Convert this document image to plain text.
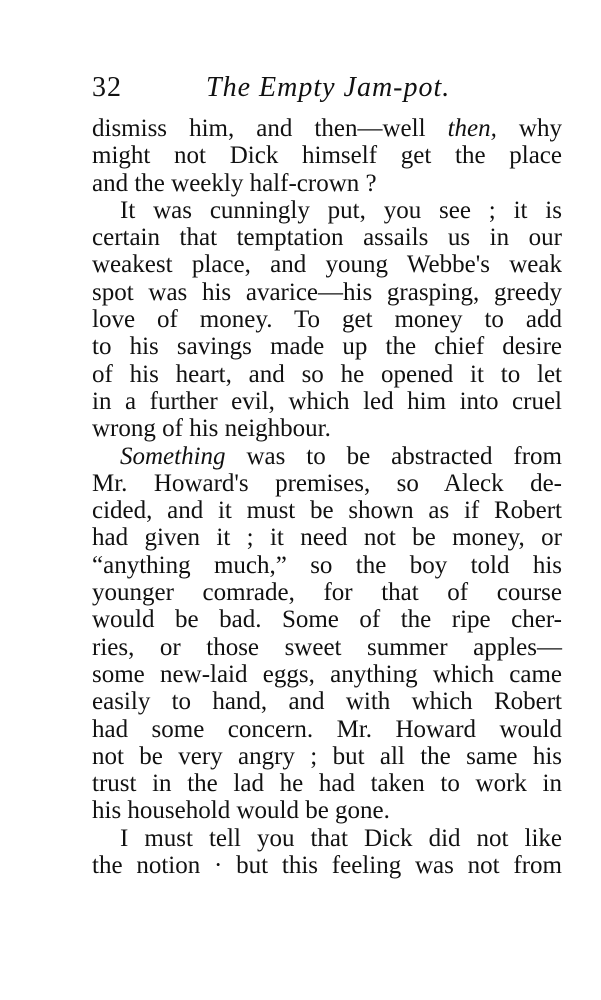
32	The Empty Jam-pot.
dismiss him, and then—well then, why
might not Dick himself get the place
and the weekly half-crown ?
It was cunningly put, you see ; it is
certain that temptation assails us in our
weakest place, and young Webbe's weak
spot was his avarice—his grasping, greedy
love of money. To get money to add
to his savings made up the chief desire
of his heart, and so he opened it to let
in a further evil, which led him into cruel
wrong of his neighbour.
Something was to be abstracted from
Mr. Howard's premises, so Aleck de-
cided, and it must be shown as if Robert
had given it ; it need not be money, or
“anything much,” so the boy told his
younger comrade, for that of course
would be bad. Some of the ripe cher-
ries, or those sweet summer apples—
some new-laid eggs, anything which came
easily to hand, and with which Robert
had some concern. Mr. Howard would
not be very angry ; but all the same his
trust in the lad he had taken to work in
his household would be gone.
I must tell you that Dick did not like
the notion · but this feeling was not from
